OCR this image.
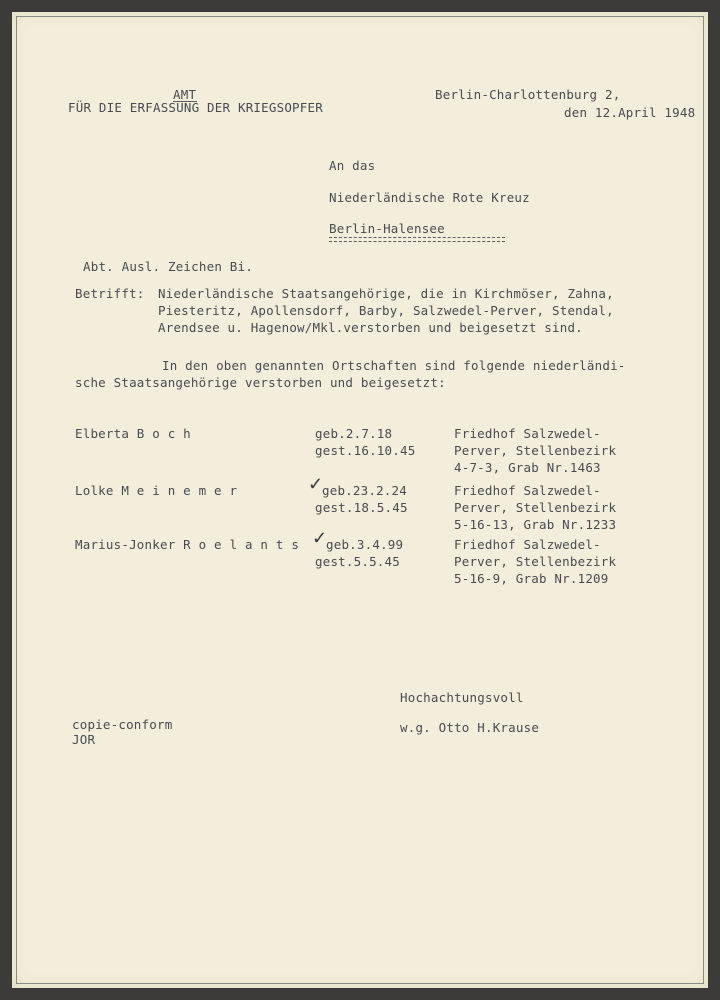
AMT
FÜR DIE ERFASSUNG DER KRIEGSOPFER
Berlin-Charlottenburg 2,
den 12.April 1948
An das
Niederländische Rote Kreuz
Berlin-Halensee
Abt. Ausl. Zeichen Bi.
Betrifft: Niederländische Staatsangehörige, die in Kirchmöser, Zahna,
Piesteritz, Apollensdorf, Barby, Salzwedel-Perver, Stendal,
Arendsee u. Hagenow/Mkl.verstorben und beigesetzt sind.
In den oben genannten Ortschaften sind folgende niederländi-
sche Staatsangehörige verstorben und beigesetzt:
Elberta B o c h	geb.2.7.18
gest.16.10.45
Friedhof Salzwedel-
Perver, Stellenbezirk
4-7-3, Grab Nr.1463
Lolke M e i n e m e r	✓
geb.23.2.24
gest.18.5.45
Friedhof Salzwedel-
Perver, Stellenbezirk
5-16-13, Grab Nr.1233
Marius-Jonker R o e l a n t s ✓
geb.3.4.99
gest.5.5.45
Friedhof Salzwedel-
Perver, Stellenbezirk
5-16-9, Grab Nr.1209
Hochachtungsvoll
w.g. Otto H.Krause
copie-conform
JOR
